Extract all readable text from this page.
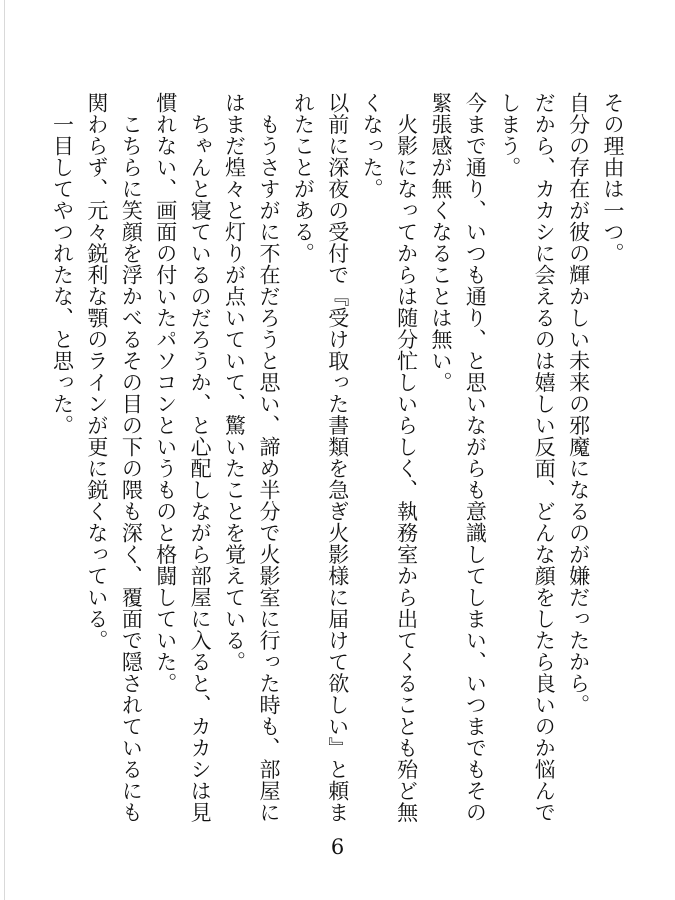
その理由は一つ。

自分の存在が彼の輝かしい未来の邪魔になるのが嫌だったから。

だから、カカシに会えるのは嬉しい反面、どんな顔をしたら良いのか悩んでしまう。

今まで通り、いつも通り、と思いながらも意識してしまい、いつまでもその緊張感が無くなることは無い。

　火影になってからは随分忙しいらしく、執務室から出てくることも殆ど無くなった。

以前に深夜の受付で『受け取った書類を急ぎ火影様に届けて欲しい』と頼まれたことがある。

　もうさすがに不在だろうと思い、諦め半分で火影室に行った時も、部屋にはまだ煌々と灯りが点いていて、驚いたことを覚えている。

　ちゃんと寝ているのだろうか、と心配しながら部屋に入ると、カカシは見慣れない、画面の付いたパソコンというものと格闘していた。

　こちらに笑顔を浮かべるその目の下の隈も深く、覆面で隠されているにも関わらず、元々鋭利な顎のラインが更に鋭くなっている。

　一目してやつれたな、と思った。

6
